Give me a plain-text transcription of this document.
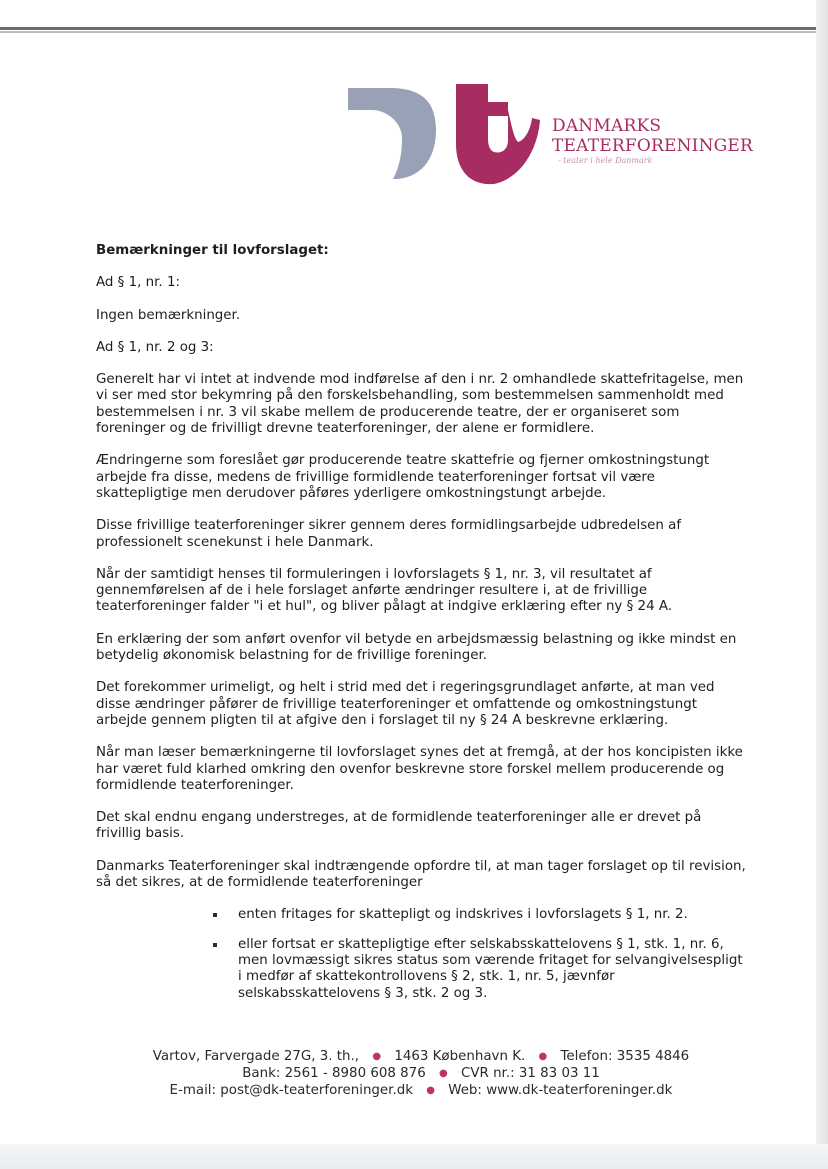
DANMARKS
TEATERFORENINGER
- teater i hele Danmark
Bemærkninger til lovforslaget:

Ad § 1, nr. 1:

Ingen bemærkninger.

Ad § 1, nr. 2 og 3:

Generelt har vi intet at indvende mod indførelse af den i nr. 2 omhandlede skattefritagelse, men vi ser med stor bekymring på den forskelsbehandling, som bestemmelsen sammenholdt med bestemmelsen i nr. 3 vil skabe mellem de producerende teatre, der er organiseret som foreninger og de frivilligt drevne teaterforeninger, der alene er formidlere.

Ændringerne som foreslået gør producerende teatre skattefrie og fjerner omkostningstungt arbejde fra disse, medens de frivillige formidlende teaterforeninger fortsat vil være skattepligtige men derudover påføres yderligere omkostningstungt arbejde.

Disse frivillige teaterforeninger sikrer gennem deres formidlingsarbejde udbredelsen af professionelt scenekunst i hele Danmark.

Når der samtidigt henses til formuleringen i lovforslagets § 1, nr. 3, vil resultatet af gennemførelsen af de i hele forslaget anførte ændringer resultere i, at de frivillige teaterforeninger falder "i et hul", og bliver pålagt at indgive erklæring efter ny § 24 A.

En erklæring der som anført ovenfor vil betyde en arbejdsmæssig belastning og ikke mindst en betydelig økonomisk belastning for de frivillige foreninger.

Det forekommer urimeligt, og helt i strid med det i regeringsgrundlaget anførte, at man ved disse ændringer påfører de frivillige teaterforeninger et omfattende og omkostningstungt arbejde gennem pligten til at afgive den i forslaget til ny § 24 A beskrevne erklæring.

Når man læser bemærkningerne til lovforslaget synes det at fremgå, at der hos koncipisten ikke har været fuld klarhed omkring den ovenfor beskrevne store forskel mellem producerende og formidlende teaterforeninger.

Det skal endnu engang understreges, at de formidlende teaterforeninger alle er drevet på frivillig basis.

Danmarks Teaterforeninger skal indtrængende opfordre til, at man tager forslaget op til revision, så det sikres, at de formidlende teaterforeninger

enten fritages for skattepligt og indskrives i lovforslagets § 1, nr. 2.
eller fortsat er skattepligtige efter selskabsskattelovens § 1, stk. 1, nr. 6, men lovmæssigt sikres status som værende fritaget for selvangivelsespligt i medfør af skattekontrollovens § 2, stk. 1, nr. 5, jævnfør selskabsskattelovens § 3, stk. 2 og 3.
Vartov, Farvergade 27G, 3. th., ● 1463 København K. ● Telefon: 3535 4846
Bank: 2561 - 8980 608 876 ● CVR nr.: 31 83 03 11
E-mail: post@dk-teaterforeninger.dk ● Web: www.dk-teaterforeninger.dk
